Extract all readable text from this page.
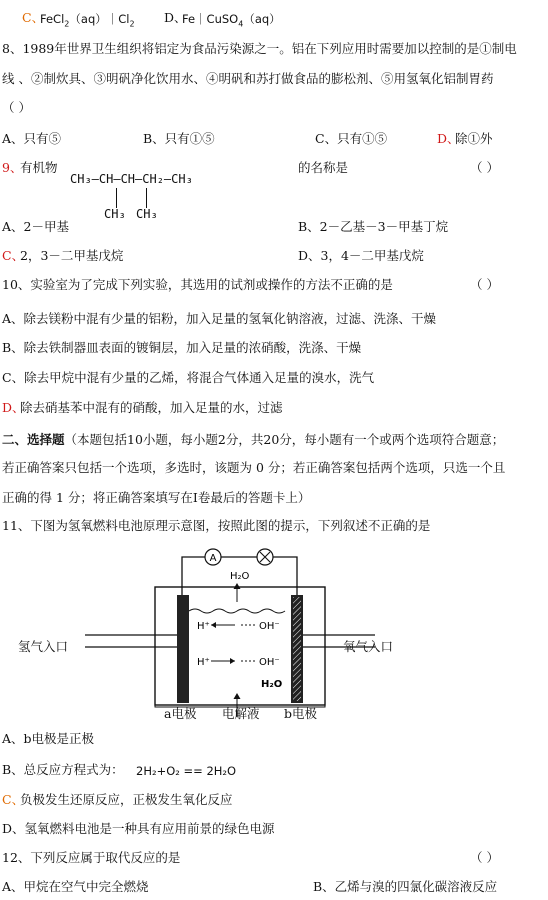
C、
$FeCl_2(aq)|Cl_2$ D、
Fe｜CuSO$_4$（aq）
8、1989年世界卫生组织将铝定为食品污染源之一。铝在下列应用时需要加以控制的是①制电
线 、②制炊具、③明矾净化饮用水、④明矾和苏打做食品的膨松剂、⑤用氢氧化铝制胃药
（ ）
A、只有⑤	B、只有①⑤	C、只有①⑤	D、
除①外
9、
有机物	的名称是	（ ）
CH₃—CH—CH—CH₂—CH₃
CH₃ CH₃
A、2－甲基	B、2－乙基－3－甲基丁烷
C、
2，3－二甲基戊烷	D、3，4－二甲基戊烷
10、实验室为了完成下列实验，其选用的试剂或操作的方法不正确的是	（ ）
A、除去镁粉中混有少量的铝粉，加入足量的氢氧化钠溶液，过滤、洗涤、干燥
B、除去铁制器皿表面的镀铜层，加入足量的浓硝酸，洗涤、干燥
C、除去甲烷中混有少量的乙烯，将混合气体通入足量的溴水，洗气
D、
除去硝基苯中混有的硝酸，加入足量的水，过滤
二、选择题（本题包括10小题，每小题2分，共20分，每小题有一个或两个选项符合题意；
若正确答案只包括一个选项，多选时，该题为 0 分；若正确答案包括两个选项，只选一个且
正确的得 1 分；将正确答案填写在Ⅰ卷最后的答题卡上）
11、下图为氢氧燃料电池原理示意图，按照此图的提示，下列叙述不正确的是
A
H₂O
H⁺	OH⁻
H⁺	OH⁻
H₂O
氢气入口	氧气入口
a电极 电解液 b电极
A、b电极是正极
B、总反应方程式为： 2H₂+O₂ == 2H₂O
C、
负极发生还原反应，正极发生氧化反应
D、氢氧燃料电池是一种具有应用前景的绿色电源
12、下列反应属于取代反应的是	（ ）
A、甲烷在空气中完全燃烧	B、乙烯与溴的四氯化碳溶液反应
